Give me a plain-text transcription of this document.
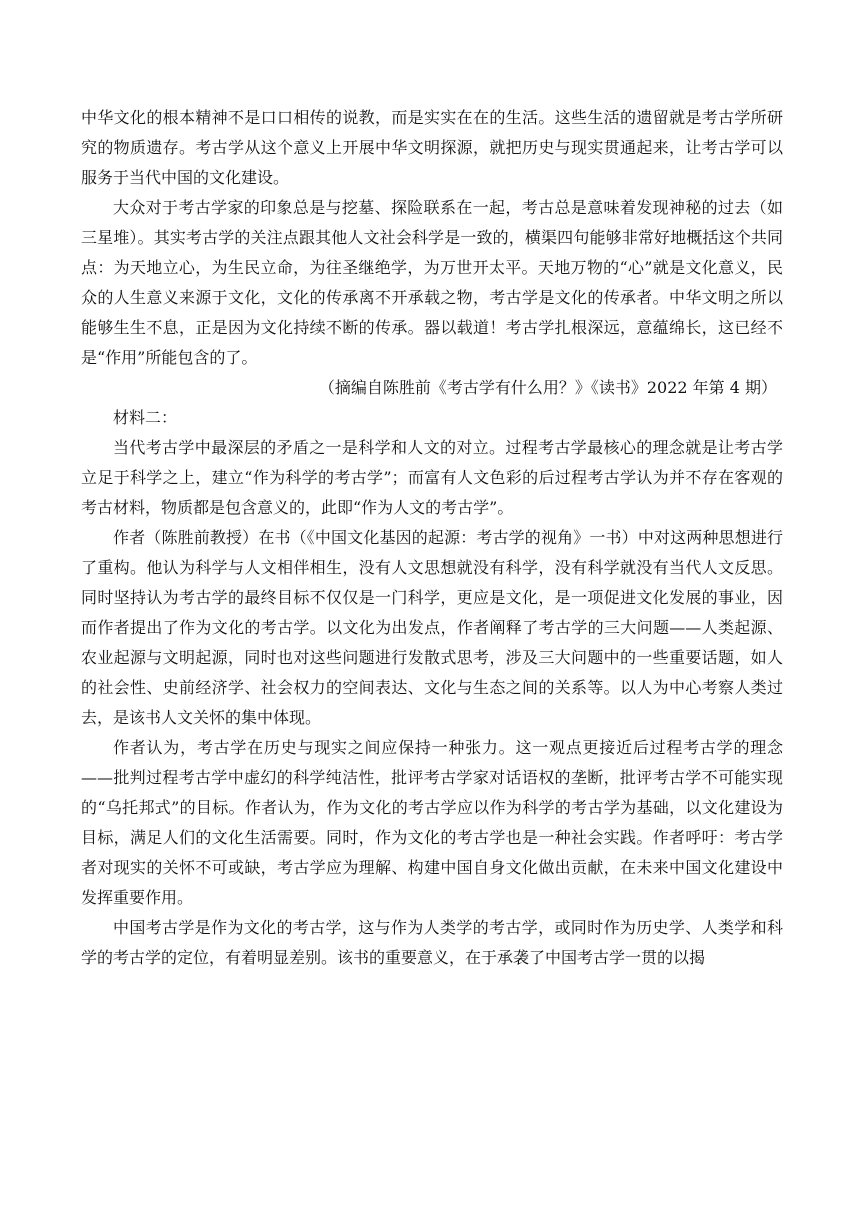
中华文化的根本精神不是口口相传的说教，而是实实在在的生活。这些生活的遗留就是考古学所研究的物质遗存。考古学从这个意义上开展中华文明探源，就把历史与现实贯通起来，让考古学可以服务于当代中国的文化建设。

大众对于考古学家的印象总是与挖墓、探险联系在一起，考古总是意味着发现神秘的过去（如三星堆）。其实考古学的关注点跟其他人文社会科学是一致的，横渠四句能够非常好地概括这个共同点：为天地立心，为生民立命，为往圣继绝学，为万世开太平。天地万物的“心”就是文化意义，民众的人生意义来源于文化，文化的传承离不开承载之物，考古学是文化的传承者。中华文明之所以能够生生不息，正是因为文化持续不断的传承。器以载道！考古学扎根深远，意蕴绵长，这已经不是“作用”所能包含的了。

（摘编自陈胜前《考古学有什么用？》《读书》2022 年第 4 期）

材料二：

当代考古学中最深层的矛盾之一是科学和人文的对立。过程考古学最核心的理念就是让考古学立足于科学之上，建立“作为科学的考古学”；而富有人文色彩的后过程考古学认为并不存在客观的考古材料，物质都是包含意义的，此即“作为人文的考古学”。

作者（陈胜前教授）在书（《中国文化基因的起源：考古学的视角》一书）中对这两种思想进行了重构。他认为科学与人文相伴相生，没有人文思想就没有科学，没有科学就没有当代人文反思。同时坚持认为考古学的最终目标不仅仅是一门科学，更应是文化，是一项促进文化发展的事业，因而作者提出了作为文化的考古学。以文化为出发点，作者阐释了考古学的三大问题——人类起源、农业起源与文明起源，同时也对这些问题进行发散式思考，涉及三大问题中的一些重要话题，如人的社会性、史前经济学、社会权力的空间表达、文化与生态之间的关系等。以人为中心考察人类过去，是该书人文关怀的集中体现。

作者认为，考古学在历史与现实之间应保持一种张力。这一观点更接近后过程考古学的理念——批判过程考古学中虚幻的科学纯洁性，批评考古学家对话语权的垄断，批评考古学不可能实现的“乌托邦式”的目标。作者认为，作为文化的考古学应以作为科学的考古学为基础，以文化建设为目标，满足人们的文化生活需要。同时，作为文化的考古学也是一种社会实践。作者呼吁：考古学者对现实的关怀不可或缺，考古学应为理解、构建中国自身文化做出贡献，在未来中国文化建设中发挥重要作用。

中国考古学是作为文化的考古学，这与作为人类学的考古学，或同时作为历史学、人类学和科学的考古学的定位，有着明显差别。该书的重要意义，在于承袭了中国考古学一贯的以揭
